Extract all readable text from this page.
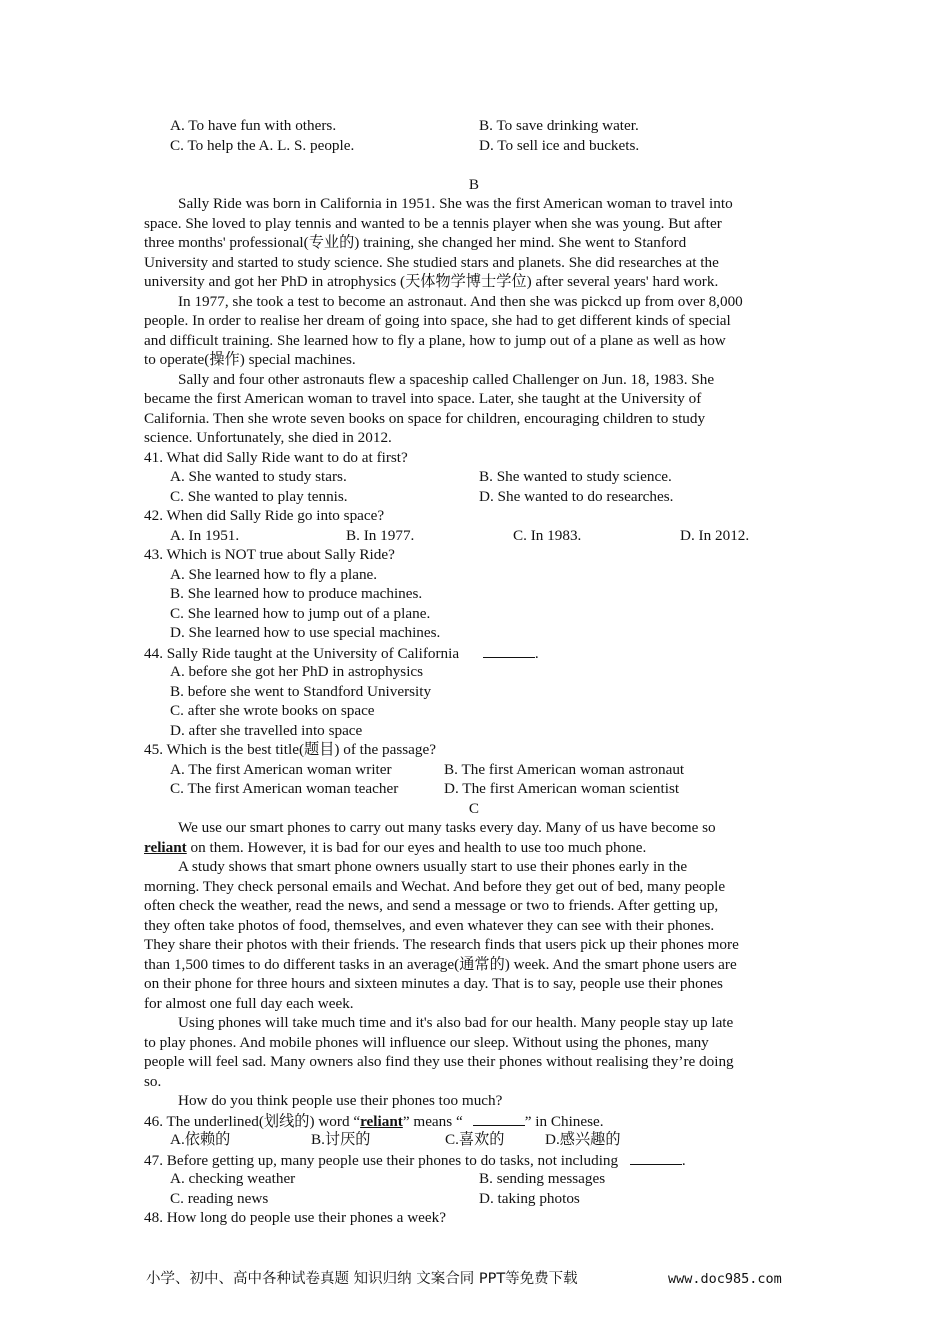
A. To have fun with others.	B. To save drinking water.
C. To help the A. L. S. people.	D. To sell ice and buckets.
B
Sally Ride was born in California in 1951. She was the first American woman to travel into
space. She loved to play tennis and wanted to be a tennis player when she was young. But after
three months' professional(专业的) training, she changed her mind. She went to Stanford
University and started to study science. She studied stars and planets. She did researches at the
university and got her PhD in atrophysics (天体物学博士学位) after several years' hard work.
In 1977, she took a test to become an astronaut. And then she was pickcd up from over 8,000
people. In order to realise her dream of going into space, she had to get different kinds of special
and difficult training. She learned how to fly a plane, how to jump out of a plane as well as how
to operate(操作) special machines.
Sally and four other astronauts flew a spaceship called Challenger on Jun. 18, 1983. She
became the first American woman to travel into space. Later, she taught at the University of
California. Then she wrote seven books on space for children, encouraging children to study
science. Unfortunately, she died in 2012.
41. What did Sally Ride want to do at first?
A. She wanted to study stars.	B. She wanted to study science.
C. She wanted to play tennis.	D. She wanted to do researches.
42. When did Sally Ride go into space?
A. In 1951.	B. In 1977.	C. In 1983.	D. In 2012.
43. Which is NOT true about Sally Ride?
A. She learned how to fly a plane.
B. She learned how to produce machines.
C. She learned how to jump out of a plane.
D. She learned how to use special machines.
44. Sally Ride taught at the University of California	.
A. before she got her PhD in astrophysics
B. before she went to Standford University
C. after she wrote books on space
D. after she travelled into space
45. Which is the best title(题目) of the passage?
A. The first American woman writer	B. The first American woman astronaut
C. The first American woman teacher	D. The first American woman scientist
C
We use our smart phones to carry out many tasks every day. Many of us have become so
reliant on them. However, it is bad for our eyes and health to use too much phone.
A study shows that smart phone owners usually start to use their phones early in the
morning. They check personal emails and Wechat. And before they get out of bed, many people
often check the weather, read the news, and send a message or two to friends. After getting up,
they often take photos of food, themselves, and even whatever they can see with their phones.
They share their photos with their friends. The research finds that users pick up their phones more
than 1,500 times to do different tasks in an average(通常的) week. And the smart phone users are
on their phone for three hours and sixteen minutes a day. That is to say, people use their phones
for almost one full day each week.
Using phones will take much time and it's also bad for our health. Many people stay up late
to play phones. And mobile phones will influence our sleep. Without using the phones, many
people will feel sad. Many owners also find they use their phones without realising they’re doing
so.
How do you think people use their phones too much?
46. The underlined(划线的) word “reliant” means “	” in Chinese.
A.依赖的	B.讨厌的	C.喜欢的	D.感兴趣的
47. Before getting up, many people use their phones to do tasks, not including	.
A. checking weather	B. sending messages
C. reading news	D. taking photos
48. How long do people use their phones a week?
小学、初中、高中各种试卷真题 知识归纳 文案合同 PPT等免费下载	www.doc985.com
